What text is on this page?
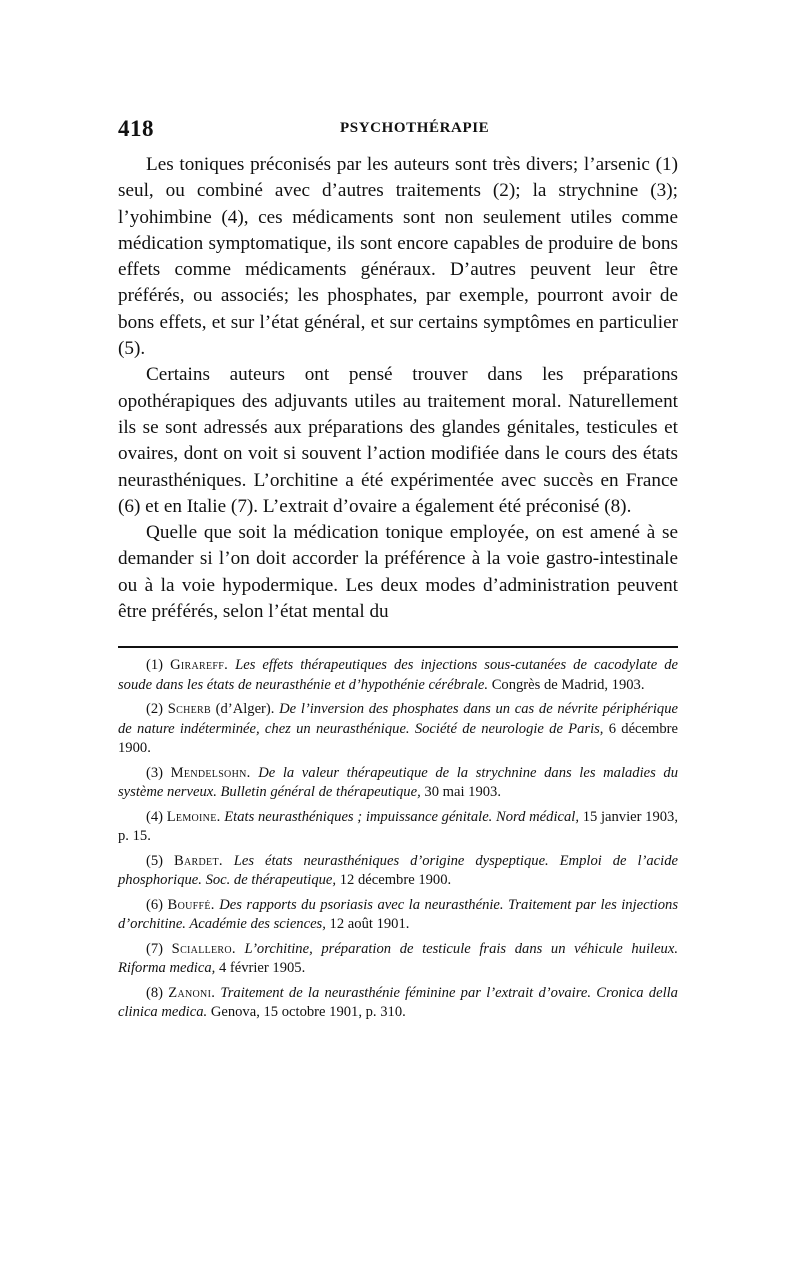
418	PSYCHOTHÉRAPIE

Les toniques préconisés par les auteurs sont très divers; l’arsenic (1) seul, ou combiné avec d’autres traitements (2); la strychnine (3); l’yohimbine (4), ces médicaments sont non seulement utiles comme médication symptomatique, ils sont encore capables de produire de bons effets comme médicaments généraux. D’autres peuvent leur être préférés, ou associés; les phosphates, par exemple, pourront avoir de bons effets, et sur l’état général, et sur certains symptômes en particulier (5).

Certains auteurs ont pensé trouver dans les préparations opothérapiques des adjuvants utiles au traitement moral. Naturellement ils se sont adressés aux préparations des glandes génitales, testicules et ovaires, dont on voit si souvent l’action modifiée dans le cours des états neurasthéniques. L’orchitine a été expérimentée avec succès en France (6) et en Italie (7). L’extrait d’ovaire a également été préconisé (8).

Quelle que soit la médication tonique employée, on est amené à se demander si l’on doit accorder la préférence à la voie gastro-intestinale ou à la voie hypodermique. Les deux modes d’administration peuvent être préférés, selon l’état mental du

(1) Girareff. Les effets thérapeutiques des injections sous-cutanées de cacodylate de soude dans les états de neurasthénie et d’hypothénie cérébrale. Congrès de Madrid, 1903.

(2) Scherb (d’Alger). De l’inversion des phosphates dans un cas de névrite périphérique de nature indéterminée, chez un neurasthénique. Société de neurologie de Paris, 6 décembre 1900.

(3) Mendelsohn. De la valeur thérapeutique de la strychnine dans les maladies du système nerveux. Bulletin général de thérapeutique, 30 mai 1903.

(4) Lemoine. Etats neurasthéniques ; impuissance génitale. Nord médical, 15 janvier 1903, p. 15.

(5) Bardet. Les états neurasthéniques d’origine dyspeptique. Emploi de l’acide phosphorique. Soc. de thérapeutique, 12 décembre 1900.

(6) Bouffé. Des rapports du psoriasis avec la neurasthénie. Traitement par les injections d’orchitine. Académie des sciences, 12 août 1901.

(7) Sciallero. L’orchitine, préparation de testicule frais dans un véhicule huileux. Riforma medica, 4 février 1905.

(8) Zanoni. Traitement de la neurasthénie féminine par l’extrait d’ovaire. Cronica della clinica medica. Genova, 15 octobre 1901, p. 310.
